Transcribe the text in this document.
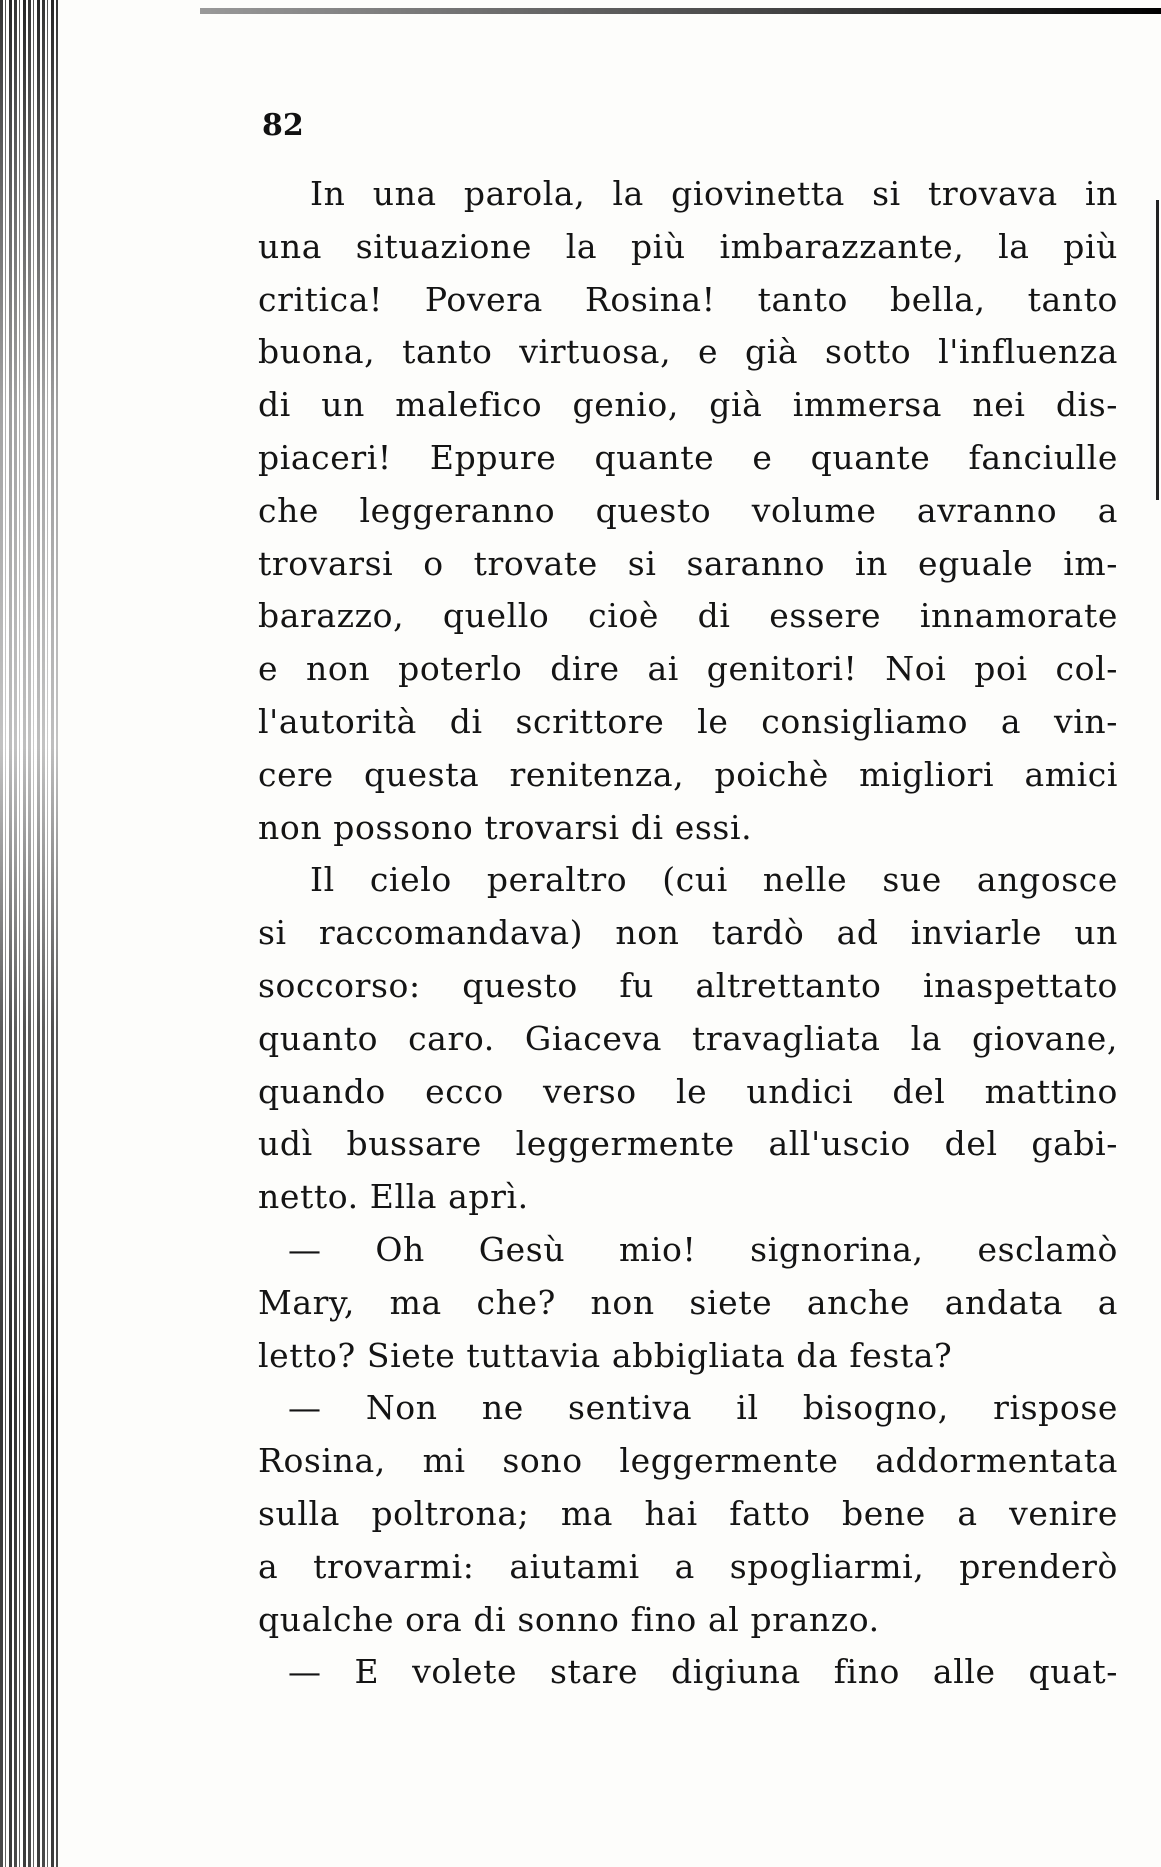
82
In una parola, la giovinetta si trovava in
una situazione la più imbarazzante, la più
critica! Povera Rosina! tanto bella, tanto
buona, tanto virtuosa, e già sotto l'influenza
di un malefico genio, già immersa nei dis-
piaceri! Eppure quante e quante fanciulle
che leggeranno questo volume avranno a
trovarsi o trovate si saranno in eguale im-
barazzo, quello cioè di essere innamorate
e non poterlo dire ai genitori! Noi poi col-
l'autorità di scrittore le consigliamo a vin-
cere questa renitenza, poichè migliori amici
non possono trovarsi di essi.
Il cielo peraltro (cui nelle sue angosce
si raccomandava) non tardò ad inviarle un
soccorso: questo fu altrettanto inaspettato
quanto caro. Giaceva travagliata la giovane,
quando ecco verso le undici del mattino
udì bussare leggermente all'uscio del gabi-
netto. Ella aprì.
— Oh Gesù mio! signorina, esclamò
Mary, ma che? non siete anche andata a
letto? Siete tuttavia abbigliata da festa?
— Non ne sentiva il bisogno, rispose
Rosina, mi sono leggermente addormentata
sulla poltrona; ma hai fatto bene a venire
a trovarmi: aiutami a spogliarmi, prenderò
qualche ora di sonno fino al pranzo.
— E volete stare digiuna fino alle quat-
